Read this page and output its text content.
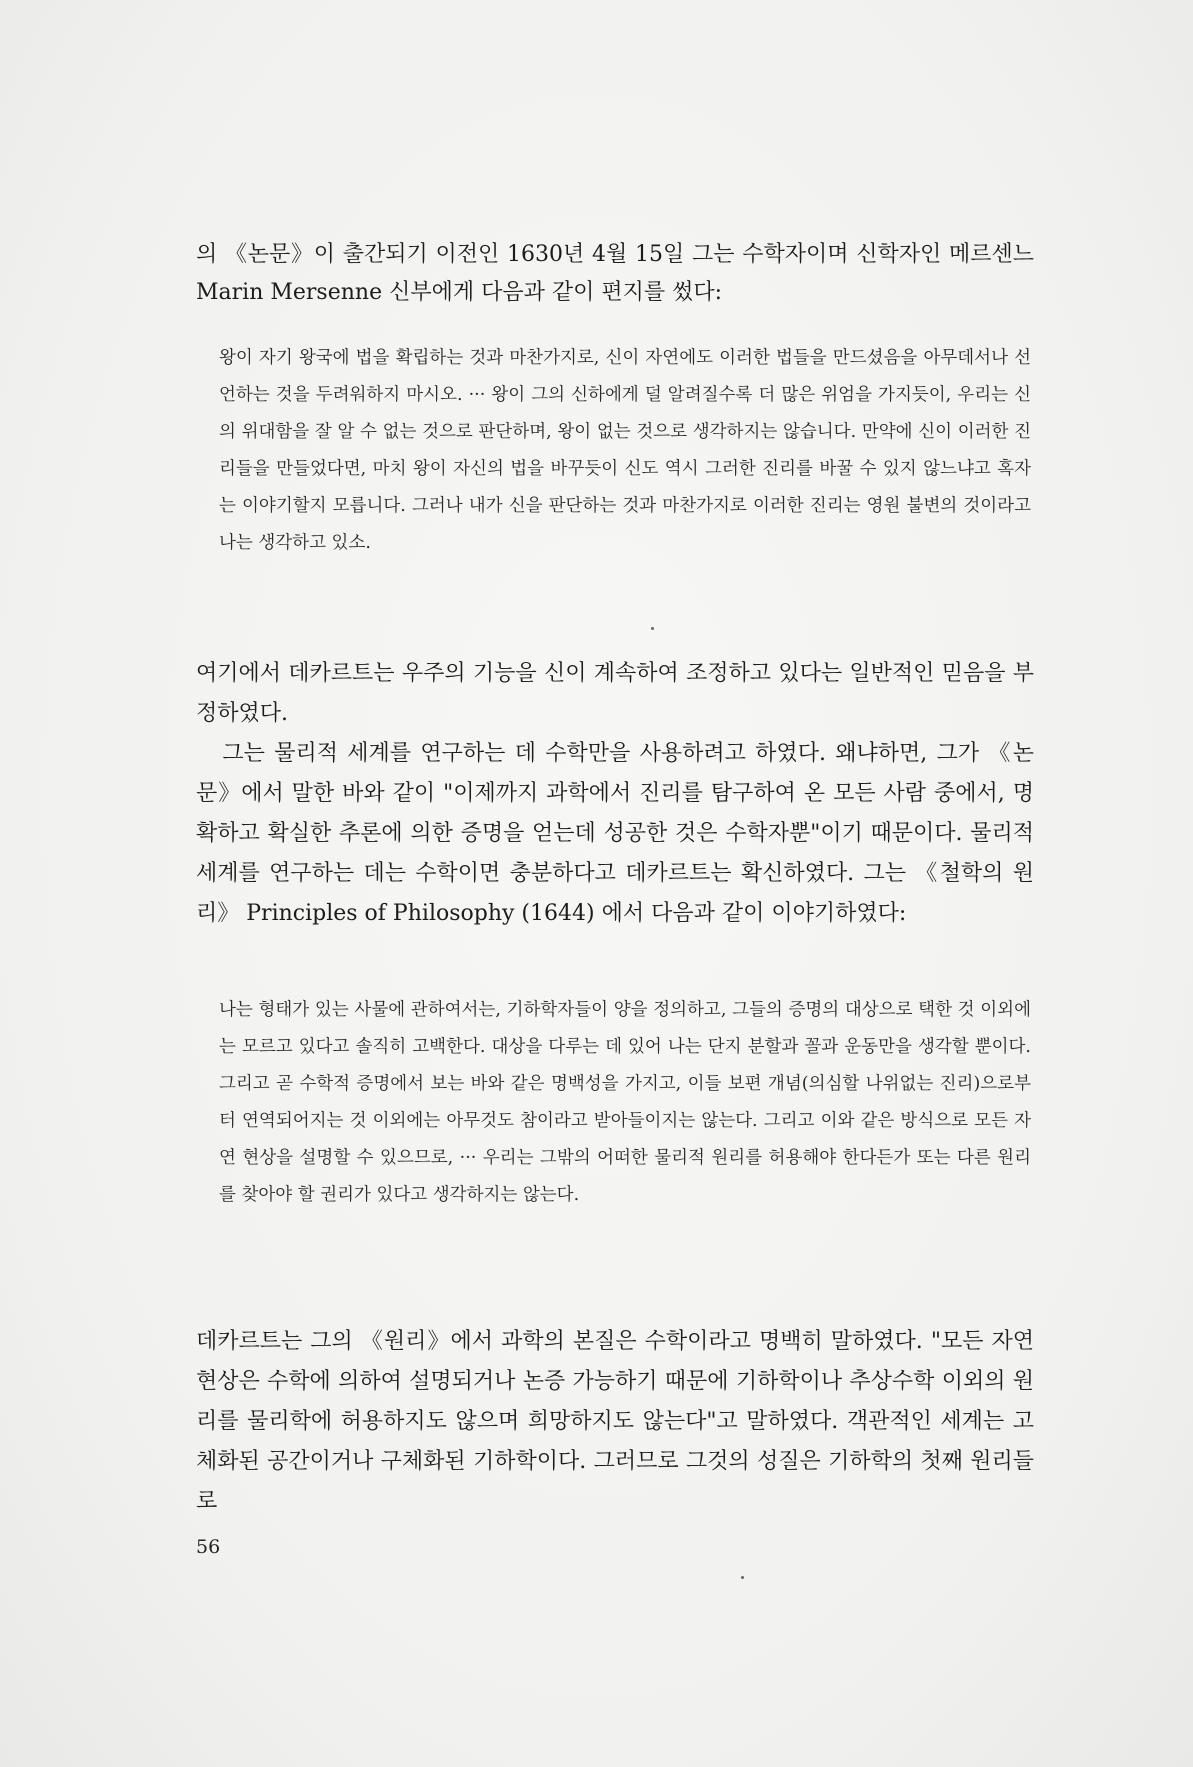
의 《논문》이 출간되기 이전인 1630년 4월 15일 그는 수학자이며 신학자인 메르센느 Marin Mersenne 신부에게 다음과 같이 편지를 썼다:

왕이 자기 왕국에 법을 확립하는 것과 마찬가지로, 신이 자연에도 이러한 법들을 만드셨음을 아무데서나 선언하는 것을 두려워하지 마시오. ··· 왕이 그의 신하에게 덜 알려질수록 더 많은 위엄을 가지듯이, 우리는 신의 위대함을 잘 알 수 없는 것으로 판단하며, 왕이 없는 것으로 생각하지는 않습니다. 만약에 신이 이러한 진리들을 만들었다면, 마치 왕이 자신의 법을 바꾸듯이 신도 역시 그러한 진리를 바꿀 수 있지 않느냐고 혹자는 이야기할지 모릅니다. 그러나 내가 신을 판단하는 것과 마찬가지로 이러한 진리는 영원 불변의 것이라고 나는 생각하고 있소.

여기에서 데카르트는 우주의 기능을 신이 계속하여 조정하고 있다는 일반적인 믿음을 부정하였다.

그는 물리적 세계를 연구하는 데 수학만을 사용하려고 하였다. 왜냐하면, 그가 《논문》에서 말한 바와 같이 "이제까지 과학에서 진리를 탐구하여 온 모든 사람 중에서, 명확하고 확실한 추론에 의한 증명을 얻는데 성공한 것은 수학자뿐"이기 때문이다. 물리적 세계를 연구하는 데는 수학이면 충분하다고 데카르트는 확신하였다. 그는 《철학의 원리》 Principles of Philosophy (1644) 에서 다음과 같이 이야기하였다:

나는 형태가 있는 사물에 관하여서는, 기하학자들이 양을 정의하고, 그들의 증명의 대상으로 택한 것 이외에는 모르고 있다고 솔직히 고백한다. 대상을 다루는 데 있어 나는 단지 분할과 꼴과 운동만을 생각할 뿐이다. 그리고 곧 수학적 증명에서 보는 바와 같은 명백성을 가지고, 이들 보편 개념(의심할 나위없는 진리)으로부터 연역되어지는 것 이외에는 아무것도 참이라고 받아들이지는 않는다. 그리고 이와 같은 방식으로 모든 자연 현상을 설명할 수 있으므로, ··· 우리는 그밖의 어떠한 물리적 원리를 허용해야 한다든가 또는 다른 원리를 찾아야 할 권리가 있다고 생각하지는 않는다.

데카르트는 그의 《원리》에서 과학의 본질은 수학이라고 명백히 말하였다. "모든 자연 현상은 수학에 의하여 설명되거나 논증 가능하기 때문에 기하학이나 추상수학 이외의 원리를 물리학에 허용하지도 않으며 희망하지도 않는다"고 말하였다. 객관적인 세계는 고체화된 공간이거나 구체화된 기하학이다. 그러므로 그것의 성질은 기하학의 첫째 원리들로

56
